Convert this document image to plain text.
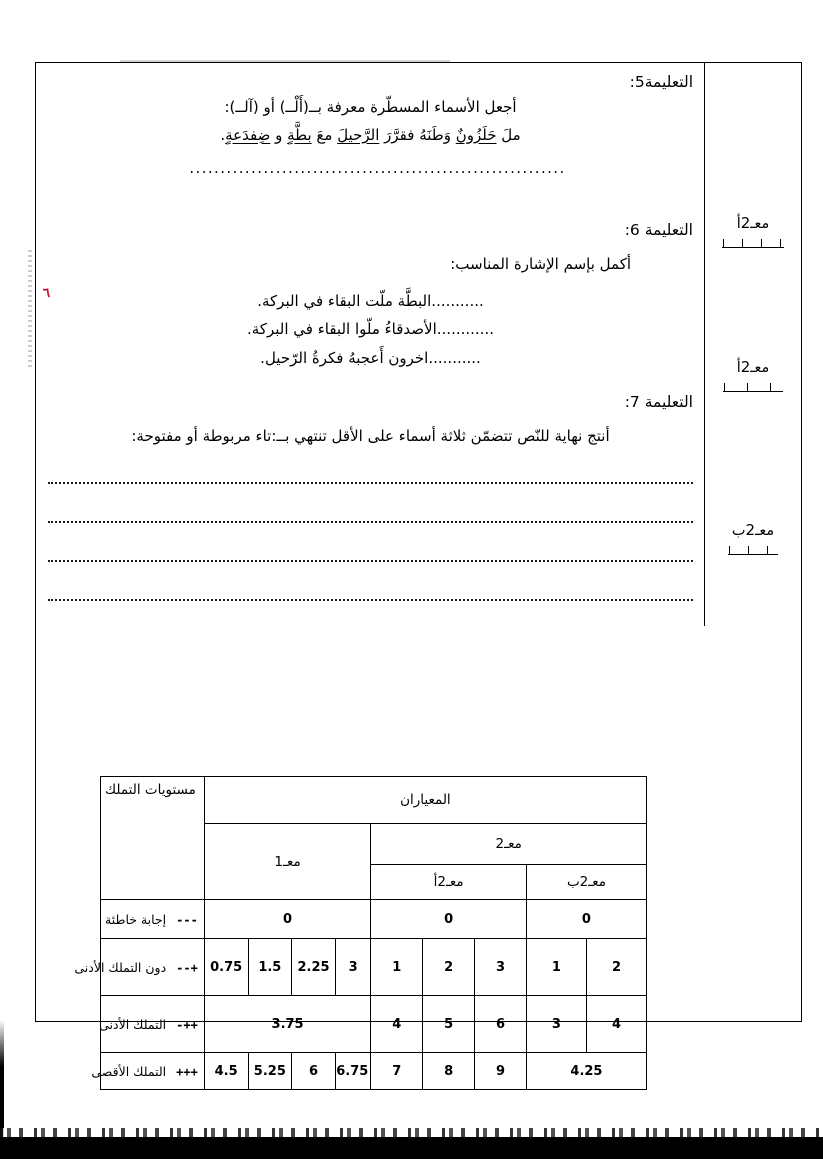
معـ2أ
معـ2أ
معـ2ب
التعليمة5:
أجعل الأسماء المسطّرة معرفة بــ(أَلْــ) أو (آلــ):
ملَ حَلَزُونٌ وَطَنَهُ فقرَّرَ الرَّحيلَ معَ بطَّةٍ و ضِفدَعةٍ.
.............................................................
التعليمة 6:
أكمل بإسم الإشارة المناسب:
...........البطَّة ملّت البقاء في البركة.
............الأصدقاءُ ملّوا البقاء في البركة.
...........اخرون أَعجبهُ فكرةُ الرّحيل.
التعليمة 7:
أنتج نهاية للنّص تتضمّن ثلاثة أسماء على الأقل تنتهي بــ:تاء مربوطة أو مفتوحة:
المعياران									مستويات التملك
معـ2					معـ1				
معـ2ب		معـ2أ							
0		0			0				---إجابة خاطئة
2	1	3	2	1	3	2.25	1.5	0.75	+--دون التملك الأدنى
4	3	6	5	4	3.75				++-التملك الأدنى
4.25		9	8	7	6.75	6	5.25	4.5	+++التملك الأقصى
٦
